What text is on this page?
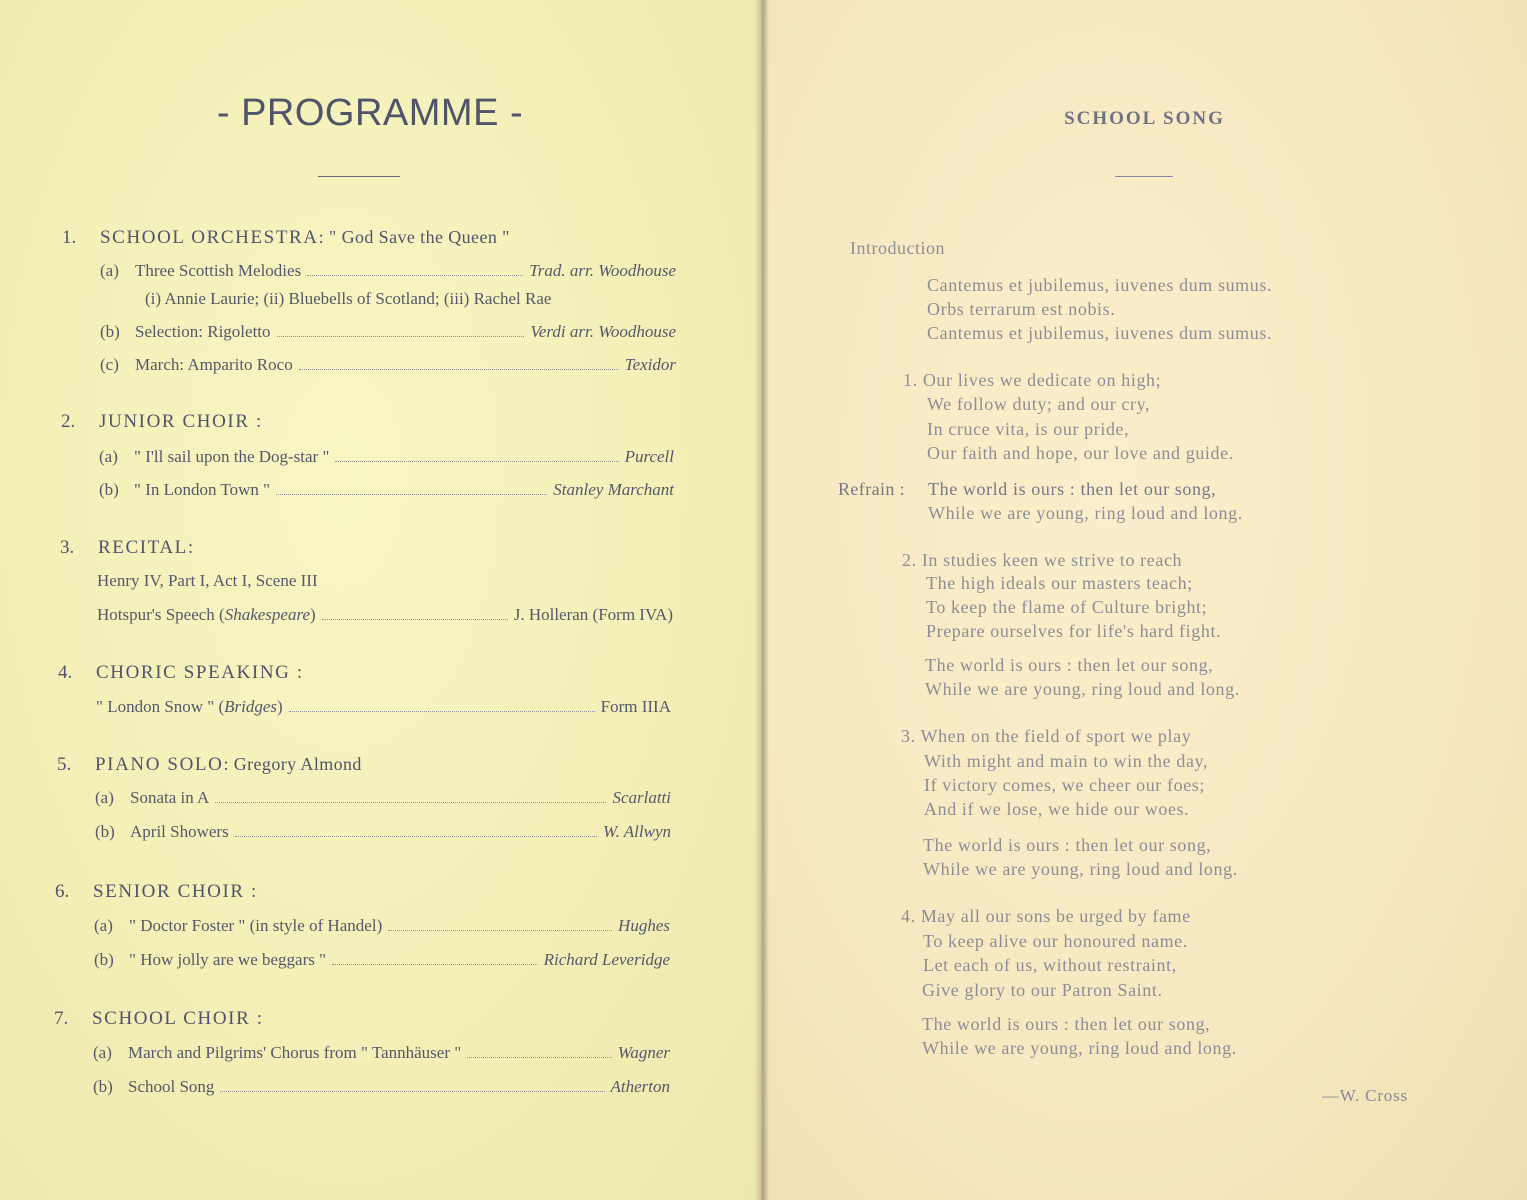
- PROGRAMME -
1. SCHOOL ORCHESTRA: " God Save the Queen "
(a) Three Scottish Melodies	Trad. arr. Woodhouse
(i) Annie Laurie; (ii) Bluebells of Scotland; (iii) Rachel Rae
(b) Selection: Rigoletto	Verdi arr. Woodhouse
(c) March: Amparito Roco	Texidor
2. JUNIOR CHOIR :
(a) " I'll sail upon the Dog-star "	Purcell
(b) " In London Town "	Stanley Marchant
3. RECITAL:
Henry IV, Part I, Act I, Scene III
Hotspur's Speech ( Shakespeare )	J. Holleran (Form IVA)
4. CHORIC SPEAKING :
" London Snow " ( Bridges )	Form IIIA
5. PIANO SOLO: Gregory Almond
(a) Sonata in A	Scarlatti
(b) April Showers	W. Allwyn
6. SENIOR CHOIR :
(a) " Doctor Foster " (in style of Handel)	Hughes
(b) " How jolly are we beggars "	Richard Leveridge
7. SCHOOL CHOIR :
(a) March and Pilgrims' Chorus from " Tannhäuser "	Wagner
(b) School Song	Atherton
SCHOOL SONG
Introduction
Cantemus et jubilemus, iuvenes dum sumus.
Orbs terrarum est nobis.
Cantemus et jubilemus, iuvenes dum sumus.
1. Our lives we dedicate on high;
We follow duty; and our cry,
In cruce vita, is our pride,
Our faith and hope, our love and guide.
Refrain : The world is ours : then let our song,
While we are young, ring loud and long.
2. In studies keen we strive to reach
The high ideals our masters teach;
To keep the flame of Culture bright;
Prepare ourselves for life's hard fight.
The world is ours : then let our song,
While we are young, ring loud and long.
3. When on the field of sport we play
With might and main to win the day,
If victory comes, we cheer our foes;
And if we lose, we hide our woes.
The world is ours : then let our song,
While we are young, ring loud and long.
4. May all our sons be urged by fame
To keep alive our honoured name.
Let each of us, without restraint,
Give glory to our Patron Saint.
The world is ours : then let our song,
While we are young, ring loud and long.
—W. Cross
